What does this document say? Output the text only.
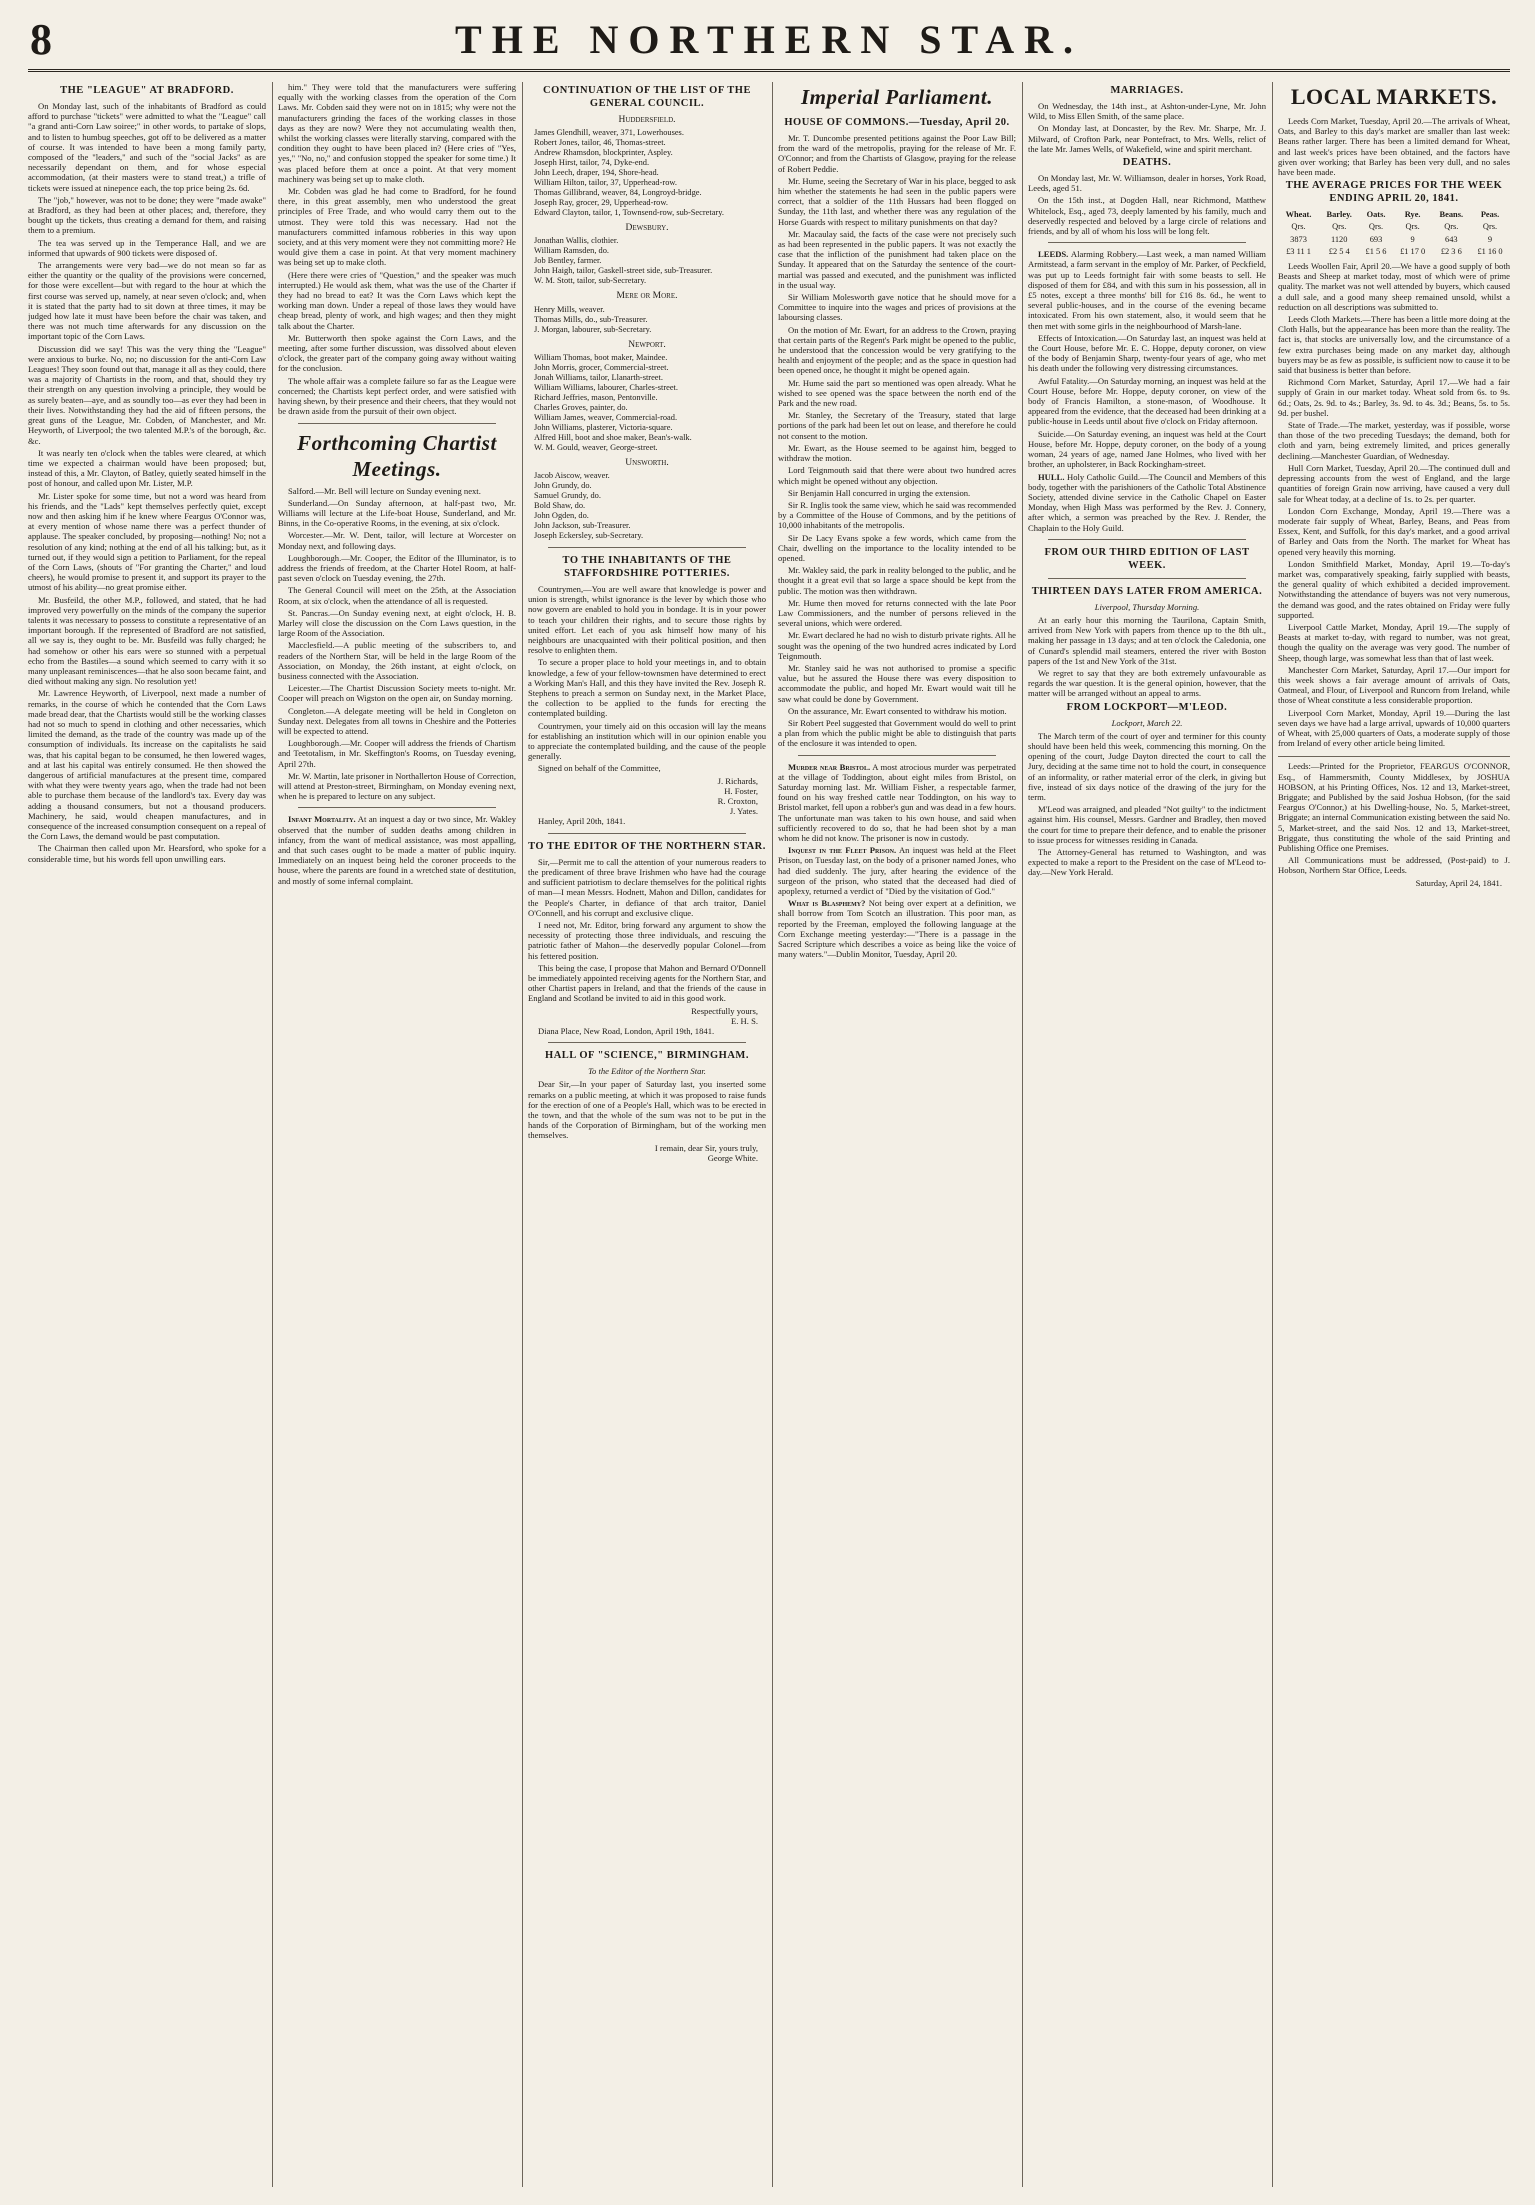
8	THE NORTHERN STAR.
THE "LEAGUE" AT BRADFORD.

On Monday last, such of the inhabitants of Bradford as could afford to purchase "tickets" were admitted to what the "League" call "a grand anti-Corn Law soiree;" in other words, to partake of slops, and to listen to humbug speeches, got off to be delivered as a matter of course. It was intended to have been a mong family party, composed of the "leaders," and such of the "social Jacks" as are necessarily dependant on them, and for whose especial accommodation, (at their masters were to stand treat,) a trifle of tickets were issued at ninepence each, the top price being 2s. 6d.

The "job," however, was not to be done; they were "made awake" at Bradford, as they had been at other places; and, therefore, they bought up the tickets, thus creating a demand for them, and raising them to a premium.

The tea was served up in the Temperance Hall, and we are informed that upwards of 900 tickets were disposed of.

The arrangements were very bad—we do not mean so far as either the quantity or the quality of the provisions were concerned, for those were excellent—but with regard to the hour at which the first course was served up, namely, at near seven o'clock; and, when it is stated that the party had to sit down at three times, it may be judged how late it must have been before the chair was taken, and there was not much time afterwards for any discussion on the important topic of the Corn Laws.

Discussion did we say! This was the very thing the "League" were anxious to burke. No, no; no discussion for the anti-Corn Law Leagues! They soon found out that, manage it all as they could, there was a majority of Chartists in the room, and that, should they try their strength on any question involving a principle, they would be as surely beaten—aye, and as soundly too—as ever they had been in their lives. Notwithstanding they had the aid of fifteen persons, the great guns of the League, Mr. Cobden, of Manchester, and Mr. Heyworth, of Liverpool; the two talented M.P.'s of the borough, &c. &c.

It was nearly ten o'clock when the tables were cleared, at which time we expected a chairman would have been proposed; but, instead of this, a Mr. Clayton, of Batley, quietly seated himself in the post of honour, and called upon Mr. Lister, M.P.

Mr. Lister spoke for some time, but not a word was heard from his friends, and the "Lads" kept themselves perfectly quiet, except now and then asking him if he knew where Feargus O'Connor was, at every mention of whose name there was a perfect thunder of applause. The speaker concluded, by proposing—nothing! No; not a resolution of any kind; nothing at the end of all his talking; but, as it turned out, if they would sign a petition to Parliament, for the repeal of the Corn Laws, (shouts of "For granting the Charter," and loud cheers), he would promise to present it, and support its prayer to the utmost of his ability—no great promise either.

Mr. Busfeild, the other M.P., followed, and stated, that he had improved very powerfully on the minds of the company the superior talents it was necessary to possess to constitute a representative of an important borough. If the represented of Bradford are not satisfied, all we say is, they ought to be. Mr. Busfeild was fully charged; he had somehow or other his ears were so stunned with a perpetual echo from the Bastiles—a sound which seemed to carry with it so many unpleasant reminiscences—that he also soon became faint, and died without making any sign. No resolution yet!

Mr. Lawrence Heyworth, of Liverpool, next made a number of remarks, in the course of which he contended that the Corn Laws made bread dear, that the Chartists would still be the working classes had not so much to spend in clothing and other necessaries, which limited the demand, as the trade of the country was made up of the consumption of individuals. Its increase on the capitalists he said was, that his capital began to be consumed, he then lowered wages, and at last his capital was entirely consumed. He then showed the dangerous of artificial manufactures at the present time, compared with what they were twenty years ago, when the trade had not been able to purchase them because of the landlord's tax. Every day was adding a thousand consumers, but not a thousand producers. Machinery, he said, would cheapen manufactures, and in consequence of the increased consumption consequent on a repeal of the Corn Laws, the demand would be past computation.

The Chairman then called upon Mr. Hearsford, who spoke for a considerable time, but his words fell upon unwilling ears.

him." They were told that the manufacturers were suffering equally with the working classes from the operation of the Corn Laws. Mr. Cobden said they were not on in 1815; why were not the manufacturers grinding the faces of the working classes in those days as they are now? Were they not accumulating wealth then, whilst the working classes were literally starving, compared with the condition they ought to have been placed in? (Here cries of "Yes, yes," "No, no," and confusion stopped the speaker for some time.) It was placed before them at once a point. At that very moment machinery was being set up to make cloth.

Mr. Cobden was glad he had come to Bradford, for he found there, in this great assembly, men who understood the great principles of Free Trade, and who would carry them out to the utmost. They were told this was necessary. Had not the manufacturers committed infamous robberies in this way upon society, and at this very moment were they not committing more? He would give them a case in point. At that very moment machinery was being set up to make cloth.

(Here there were cries of "Question," and the speaker was much interrupted.) He would ask them, what was the use of the Charter if they had no bread to eat? It was the Corn Laws which kept the working man down. Under a repeal of those laws they would have cheap bread, plenty of work, and high wages; and then they might talk about the Charter.

Mr. Butterworth then spoke against the Corn Laws, and the meeting, after some further discussion, was dissolved about eleven o'clock, the greater part of the company going away without waiting for the conclusion.

The whole affair was a complete failure so far as the League were concerned; the Chartists kept perfect order, and were satisfied with having shewn, by their presence and their cheers, that they would not be drawn aside from the pursuit of their own object.

Forthcoming Chartist Meetings.

Salford.—Mr. Bell will lecture on Sunday evening next.

Sunderland.—On Sunday afternoon, at half-past two, Mr. Williams will lecture at the Life-boat House, Sunderland, and Mr. Binns, in the Co-operative Rooms, in the evening, at six o'clock.

Worcester.—Mr. W. Dent, tailor, will lecture at Worcester on Monday next, and following days.

Loughborough.—Mr. Cooper, the Editor of the Illuminator, is to address the friends of freedom, at the Charter Hotel Room, at half-past seven o'clock on Tuesday evening, the 27th.

The General Council will meet on the 25th, at the Association Room, at six o'clock, when the attendance of all is requested.

St. Pancras.—On Sunday evening next, at eight o'clock, H. B. Marley will close the discussion on the Corn Laws question, in the large Room of the Association.

Macclesfield.—A public meeting of the subscribers to, and readers of the Northern Star, will be held in the large Room of the Association, on Monday, the 26th instant, at eight o'clock, on business connected with the Association.

Leicester.—The Chartist Discussion Society meets to-night. Mr. Cooper will preach on Wigston on the open air, on Sunday morning.

Congleton.—A delegate meeting will be held in Congleton on Sunday next. Delegates from all towns in Cheshire and the Potteries will be expected to attend.

Loughborough.—Mr. Cooper will address the friends of Chartism and Teetotalism, in Mr. Skeffington's Rooms, on Tuesday evening, April 27th.

Mr. W. Martin, late prisoner in Northallerton House of Correction, will attend at Preston-street, Birmingham, on Monday evening next, when he is prepared to lecture on any subject.

Infant Mortality. At an inquest a day or two since, Mr. Wakley observed that the number of sudden deaths among children in infancy, from the want of medical assistance, was most appalling, and that such cases ought to be made a matter of public inquiry. Immediately on an inquest being held the coroner proceeds to the house, where the parents are found in a wretched state of destitution, and mostly of some infernal complaint.

CONTINUATION OF THE LIST OF THE GENERAL COUNCIL.
Huddersfield.
James Glendhill, weaver, 371, Lowerhouses.
Robert Jones, tailor, 46, Thomas-street.
Andrew Rhamsdon, blockprinter, Aspley.
Joseph Hirst, tailor, 74, Dyke-end.
John Leech, draper, 194, Shore-head.
William Hilton, tailor, 37, Upperhead-row.
Thomas Gillibrand, weaver, 84, Longroyd-bridge.
Joseph Ray, grocer, 29, Upperhead-row.
Edward Clayton, tailor, 1, Townsend-row, sub-Secretary.
Dewsbury.
Jonathan Wallis, clothier.
William Ramsden, do.
Job Bentley, farmer.
John Haigh, tailor, Gaskell-street side, sub-Treasurer.
W. M. Stott, tailor, sub-Secretary.
Mere or More.
Henry Mills, weaver.
Thomas Mills, do., sub-Treasurer.
J. Morgan, labourer, sub-Secretary.
Newport.
William Thomas, boot maker, Maindee.
John Morris, grocer, Commercial-street.
Jonah Williams, tailor, Llanarth-street.
William Williams, labourer, Charles-street.
Richard Jeffries, mason, Pentonville.
Charles Groves, painter, do.
William James, weaver, Commercial-road.
John Williams, plasterer, Victoria-square.
Alfred Hill, boot and shoe maker, Bean's-walk.
W. M. Gould, weaver, George-street.
Unsworth.
Jacob Aiscow, weaver.
John Grundy, do.
Samuel Grundy, do.
Bold Shaw, do.
John Ogden, do.
John Jackson, sub-Treasurer.
Joseph Eckersley, sub-Secretary.
TO THE INHABITANTS OF THE STAFFORDSHIRE POTTERIES.

Countrymen,—You are well aware that knowledge is power and union is strength, whilst ignorance is the lever by which those who now govern are enabled to hold you in bondage. It is in your power to teach your children their rights, and to secure those rights by united effort. Let each of you ask himself how many of his neighbours are unacquainted with their political position, and then resolve to enlighten them.

To secure a proper place to hold your meetings in, and to obtain knowledge, a few of your fellow-townsmen have determined to erect a Working Man's Hall, and this they have invited the Rev. Joseph R. Stephens to preach a sermon on Sunday next, in the Market Place, the collection to be applied to the funds for erecting the contemplated building.

Countrymen, your timely aid on this occasion will lay the means for establishing an institution which will in our opinion enable you to appreciate the contemplated building, and the cause of the people generally.

Signed on behalf of the Committee,

J. Richards,
H. Foster,
R. Croxton,
J. Yates.

Hanley, April 20th, 1841.

TO THE EDITOR OF THE NORTHERN STAR.

Sir,—Permit me to call the attention of your numerous readers to the predicament of three brave Irishmen who have had the courage and sufficient patriotism to declare themselves for the political rights of man—I mean Messrs. Hodnett, Mahon and Dillon, candidates for the People's Charter, in defiance of that arch traitor, Daniel O'Connell, and his corrupt and exclusive clique.

I need not, Mr. Editor, bring forward any argument to show the necessity of protecting those three individuals, and rescuing the patriotic father of Mahon—the deservedly popular Colonel—from his fettered position.

This being the case, I propose that Mahon and Bernard O'Donnell be immediately appointed receiving agents for the Northern Star, and other Chartist papers in Ireland, and that the friends of the cause in England and Scotland be invited to aid in this good work.

Respectfully yours,
E. H. S.

Diana Place, New Road, London, April 19th, 1841.

HALL OF "SCIENCE," BIRMINGHAM.
To the Editor of the Northern Star.

Dear Sir,—In your paper of Saturday last, you inserted some remarks on a public meeting, at which it was proposed to raise funds for the erection of one of a People's Hall, which was to be erected in the town, and that the whole of the sum was not to be put in the hands of the Corporation of Birmingham, but of the working men themselves.

I remain, dear Sir, yours truly,
George White.
Imperial Parliament.
HOUSE OF COMMONS.—Tuesday, April 20.

Mr. T. Duncombe presented petitions against the Poor Law Bill; from the ward of the metropolis, praying for the release of Mr. F. O'Connor; and from the Chartists of Glasgow, praying for the release of Robert Peddie.

Mr. Hume, seeing the Secretary of War in his place, begged to ask him whether the statements he had seen in the public papers were correct, that a soldier of the 11th Hussars had been flogged on Sunday, the 11th last, and whether there was any regulation of the Horse Guards with respect to military punishments on that day?

Mr. Macaulay said, the facts of the case were not precisely such as had been represented in the public papers. It was not exactly the case that the infliction of the punishment had taken place on the Sunday. It appeared that on the Saturday the sentence of the court-martial was passed and executed, and the punishment was inflicted in the usual way.

Sir William Molesworth gave notice that he should move for a Committee to inquire into the wages and prices of provisions at the laboursing classes.

On the motion of Mr. Ewart, for an address to the Crown, praying that certain parts of the Regent's Park might be opened to the public, he understood that the concession would be very gratifying to the health and enjoyment of the people; and as the space in question had been opened once, he thought it might be opened again.

Mr. Hume said the part so mentioned was open already. What he wished to see opened was the space between the north end of the Park and the new road.

Mr. Stanley, the Secretary of the Treasury, stated that large portions of the park had been let out on lease, and therefore he could not consent to the motion.

Mr. Ewart, as the House seemed to be against him, begged to withdraw the motion.

Lord Teignmouth said that there were about two hundred acres which might be opened without any objection.

Sir Benjamin Hall concurred in urging the extension.

Sir R. Inglis took the same view, which he said was recommended by a Committee of the House of Commons, and by the petitions of 10,000 inhabitants of the metropolis.

Sir De Lacy Evans spoke a few words, which came from the Chair, dwelling on the importance to the locality intended to be opened.

Mr. Wakley said, the park in reality belonged to the public, and he thought it a great evil that so large a space should be kept from the public. The motion was then withdrawn.

Mr. Hume then moved for returns connected with the late Poor Law Commissioners, and the number of persons relieved in the several unions, which were ordered.

Mr. Ewart declared he had no wish to disturb private rights. All he sought was the opening of the two hundred acres indicated by Lord Teignmouth.

Mr. Stanley said he was not authorised to promise a specific value, but he assured the House there was every disposition to accommodate the public, and hoped Mr. Ewart would wait till he saw what could be done by Government.

On the assurance, Mr. Ewart consented to withdraw his motion.

Sir Robert Peel suggested that Government would do well to print a plan from which the public might be able to distinguish that parts of the enclosure it was intended to open.

Murder near Bristol. A most atrocious murder was perpetrated at the village of Toddington, about eight miles from Bristol, on Saturday morning last. Mr. William Fisher, a respectable farmer, found on his way freshed cattle near Toddington, on his way to Bristol market, fell upon a robber's gun and was dead in a few hours. The unfortunate man was taken to his own house, and said when sufficiently recovered to do so, that he had been shot by a man whom he did not know. The prisoner is now in custody.

Inquest in the Fleet Prison. An inquest was held at the Fleet Prison, on Tuesday last, on the body of a prisoner named Jones, who had died suddenly. The jury, after hearing the evidence of the surgeon of the prison, who stated that the deceased had died of apoplexy, returned a verdict of "Died by the visitation of God."

What is Blasphemy? Not being over expert at a definition, we shall borrow from Tom Scotch an illustration. This poor man, as reported by the Freeman, employed the following language at the Corn Exchange meeting yesterday:—"There is a passage in the Sacred Scripture which describes a voice as being like the voice of many waters."—Dublin Monitor, Tuesday, April 20.

MARRIAGES.

On Wednesday, the 14th inst., at Ashton-under-Lyne, Mr. John Wild, to Miss Ellen Smith, of the same place.

On Monday last, at Doncaster, by the Rev. Mr. Sharpe, Mr. J. Milward, of Crofton Park, near Pontefract, to Mrs. Wells, relict of the late Mr. James Wells, of Wakefield, wine and spirit merchant.

DEATHS.

On Monday last, Mr. W. Williamson, dealer in horses, York Road, Leeds, aged 51.

On the 15th inst., at Dogden Hall, near Richmond, Matthew Whitelock, Esq., aged 73, deeply lamented by his family, much and deservedly respected and beloved by a large circle of relations and friends, and by all of whom his loss will be long felt.

LEEDS. Alarming Robbery.—Last week, a man named William Armitstead, a farm servant in the employ of Mr. Parker, of Peckfield, was put up to Leeds fortnight fair with some beasts to sell. He disposed of them for £84, and with this sum in his possession, all in £5 notes, except a three months' bill for £16 8s. 6d., he went to several public-houses, and in the course of the evening became intoxicated. From his own statement, also, it would seem that he then met with some girls in the neighbourhood of Marsh-lane.

Effects of Intoxication.—On Saturday last, an inquest was held at the Court House, before Mr. E. C. Hoppe, deputy coroner, on view of the body of Benjamin Sharp, twenty-four years of age, who met his death under the following very distressing circumstances.

Awful Fatality.—On Saturday morning, an inquest was held at the Court House, before Mr. Hoppe, deputy coroner, on view of the body of Francis Hamilton, a stone-mason, of Woodhouse. It appeared from the evidence, that the deceased had been drinking at a public-house in Leeds until about five o'clock on Friday afternoon.

Suicide.—On Saturday evening, an inquest was held at the Court House, before Mr. Hoppe, deputy coroner, on the body of a young woman, 24 years of age, named Jane Holmes, who lived with her brother, an upholsterer, in Back Rockingham-street.

HULL. Holy Catholic Guild.—The Council and Members of this body, together with the parishioners of the Catholic Total Abstinence Society, attended divine service in the Catholic Chapel on Easter Monday, when High Mass was performed by the Rev. J. Connery, after which, a sermon was preached by the Rev. J. Render, the Chaplain to the Holy Guild.

FROM OUR THIRD EDITION OF LAST WEEK.
THIRTEEN DAYS LATER FROM AMERICA.
Liverpool, Thursday Morning.

At an early hour this morning the Taurilona, Captain Smith, arrived from New York with papers from thence up to the 8th ult., making her passage in 13 days; and at ten o'clock the Caledonia, one of Cunard's splendid mail steamers, entered the river with Boston papers of the 1st and New York of the 31st.

We regret to say that they are both extremely unfavourable as regards the war question. It is the general opinion, however, that the matter will be arranged without an appeal to arms.

FROM LOCKPORT—M'LEOD.
Lockport, March 22.

The March term of the court of oyer and terminer for this county should have been held this week, commencing this morning. On the opening of the court, Judge Dayton directed the court to call the Jury, deciding at the same time not to hold the court, in consequence of an informality, or rather material error of the clerk, in giving but five, instead of six days notice of the drawing of the jury for the term.

M'Leod was arraigned, and pleaded "Not guilty" to the indictment against him. His counsel, Messrs. Gardner and Bradley, then moved the court for time to prepare their defence, and to enable the prisoner to issue process for witnesses residing in Canada.

The Attorney-General has returned to Washington, and was expected to make a report to the President on the case of M'Leod to-day.—New York Herald.

LOCAL MARKETS.

Leeds Corn Market, Tuesday, April 20.—The arrivals of Wheat, Oats, and Barley to this day's market are smaller than last week: Beans rather larger. There has been a limited demand for Wheat, and last week's prices have been obtained, and the factors have given over working; that Barley has been very dull, and no sales have been made.

THE AVERAGE PRICES FOR THE WEEK ENDING APRIL 20, 1841.
Wheat.	Barley.	Oats.	Rye.	Beans.	Peas.
Qrs.	Qrs.	Qrs.	Qrs.	Qrs.	Qrs.
3873	1120	693	9	643	9
£3 11 1	£2 5 4	£1 5 6	£1 17 0	£2 3 6	£1 16 0

Leeds Woollen Fair, April 20.—We have a good supply of both Beasts and Sheep at market today, most of which were of prime quality. The market was not well attended by buyers, which caused a dull sale, and a good many sheep remained unsold, whilst a reduction on all descriptions was submitted to.

Leeds Cloth Markets.—There has been a little more doing at the Cloth Halls, but the appearance has been more than the reality. The fact is, that stocks are universally low, and the circumstance of a few extra purchases being made on any market day, although buyers may be as few as possible, is sufficient now to cause it to be said that business is better than before.

Richmond Corn Market, Saturday, April 17.—We had a fair supply of Grain in our market today. Wheat sold from 6s. to 9s. 6d.; Oats, 2s. 9d. to 4s.; Barley, 3s. 9d. to 4s. 3d.; Beans, 5s. to 5s. 9d. per bushel.

State of Trade.—The market, yesterday, was if possible, worse than those of the two preceding Tuesdays; the demand, both for cloth and yarn, being extremely limited, and prices generally declining.—Manchester Guardian, of Wednesday.

Hull Corn Market, Tuesday, April 20.—The continued dull and depressing accounts from the west of England, and the large quantities of foreign Grain now arriving, have caused a very dull sale for Wheat today, at a decline of 1s. to 2s. per quarter.

London Corn Exchange, Monday, April 19.—There was a moderate fair supply of Wheat, Barley, Beans, and Peas from Essex, Kent, and Suffolk, for this day's market, and a good arrival of Barley and Oats from the North. The market for Wheat has opened very heavily this morning.

London Smithfield Market, Monday, April 19.—To-day's market was, comparatively speaking, fairly supplied with beasts, the general quality of which exhibited a decided improvement. Notwithstanding the attendance of buyers was not very numerous, the demand was good, and the rates obtained on Friday were fully supported.

Liverpool Cattle Market, Monday, April 19.—The supply of Beasts at market to-day, with regard to number, was not great, though the quality on the average was very good. The number of Sheep, though large, was somewhat less than that of last week.

Manchester Corn Market, Saturday, April 17.—Our import for this week shows a fair average amount of arrivals of Oats, Oatmeal, and Flour, of Liverpool and Runcorn from Ireland, while those of Wheat constitute a less considerable proportion.

Liverpool Corn Market, Monday, April 19.—During the last seven days we have had a large arrival, upwards of 10,000 quarters of Wheat, with 25,000 quarters of Oats, a moderate supply of those from Ireland of every other article being limited.

Leeds:—Printed for the Proprietor, FEARGUS O'CONNOR, Esq., of Hammersmith, County Middlesex, by JOSHUA HOBSON, at his Printing Offices, Nos. 12 and 13, Market-street, Briggate; and Published by the said Joshua Hobson, (for the said Feargus O'Connor,) at his Dwelling-house, No. 5, Market-street, Briggate; an internal Communication existing between the said No. 5, Market-street, and the said Nos. 12 and 13, Market-street, Briggate, thus constituting the whole of the said Printing and Publishing Office one Premises.

All Communications must be addressed, (Post-paid) to J. Hobson, Northern Star Office, Leeds.

Saturday, April 24, 1841.
